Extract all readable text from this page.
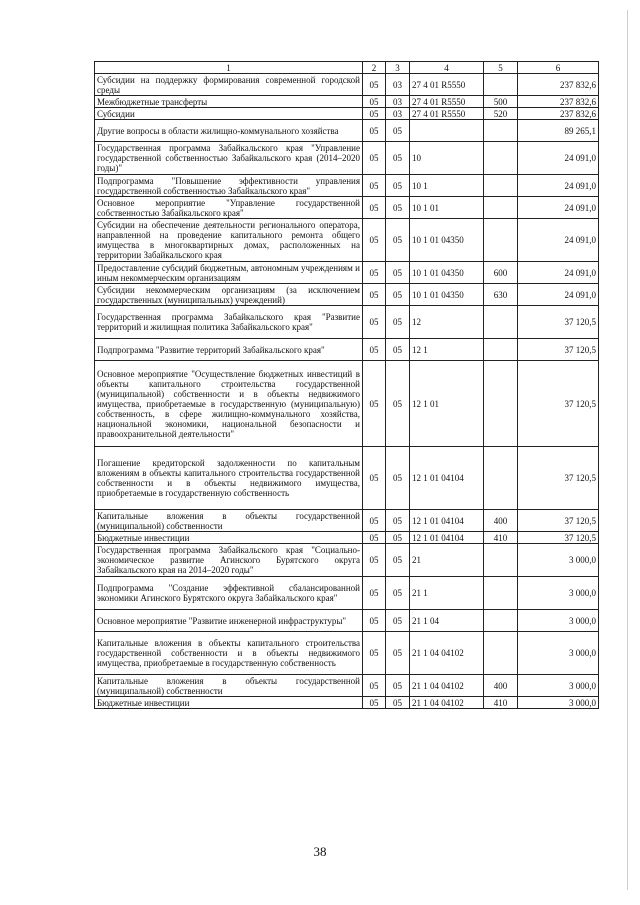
1	2	3	4	5	6
Субсидии на поддержку формирования современной городской среды	05	03	27 4 01 R5550		237 832,6
Межбюджетные трансферты	05	03	27 4 01 R5550	500	237 832,6
Субсидии	05	03	27 4 01 R5550	520	237 832,6
Другие вопросы в области жилищно-коммунального хозяйства	05	05			89 265,1
Государственная программа Забайкальского края "Управление государственной собственностью Забайкальского края (2014–2020 годы)"	05	05	10		24 091,0
Подпрограмма "Повышение эффективности управления государственной собственностью Забайкальского края"	05	05	10 1		24 091,0
Основное мероприятие "Управление государственной собственностью Забайкальского края"	05	05	10 1 01		24 091,0
Субсидии на обеспечение деятельности регионального оператора, направленной на проведение капитального ремонта общего имущества в многоквартирных домах, расположенных на территории Забайкальского края	05	05	10 1 01 04350		24 091,0
Предоставление субсидий бюджетным, автономным учреждениям и иным некоммерческим организациям	05	05	10 1 01 04350	600	24 091,0
Субсидии некоммерческим организациям (за исключением государственных (муниципальных) учреждений)	05	05	10 1 01 04350	630	24 091,0
Государственная программа Забайкальского края "Развитие территорий и жилищная политика Забайкальского края"	05	05	12		37 120,5
Подпрограмма "Развитие территорий Забайкальского края"	05	05	12 1		37 120,5
Основное мероприятие "Осуществление бюджетных инвестиций в объекты капитального строительства государственной (муниципальной) собственности и в объекты недвижимого имущества, приобретаемые в государственную (муниципальную) собственность, в сфере жилищно-коммунального хозяйства, национальной экономики, национальной безопасности и правоохранительной деятельности"	05	05	12 1 01		37 120,5
Погашение кредиторской задолженности по капитальным вложениям в объекты капитального строительства государственной собственности и в объекты недвижимого имущества, приобретаемые в государственную собственность	05	05	12 1 01 04104		37 120,5
Капитальные вложения в объекты государственной (муниципальной) собственности	05	05	12 1 01 04104	400	37 120,5
Бюджетные инвестиции	05	05	12 1 01 04104	410	37 120,5
Государственная программа Забайкальского края "Социально-экономическое развитие Агинского Бурятского округа Забайкальского края на 2014–2020 годы"	05	05	21		3 000,0
Подпрограмма "Создание эффективной сбалансированной экономики Агинского Бурятского округа Забайкальского края"	05	05	21 1		3 000,0
Основное мероприятие "Развитие инженерной инфраструктуры"	05	05	21 1 04		3 000,0
Капитальные вложения в объекты капитального строительства государственной собственности и в объекты недвижимого имущества, приобретаемые в государственную собственность	05	05	21 1 04 04102		3 000,0
Капитальные вложения в объекты государственной (муниципальной) собственности	05	05	21 1 04 04102	400	3 000,0
Бюджетные инвестиции	05	05	21 1 04 04102	410	3 000,0
38
